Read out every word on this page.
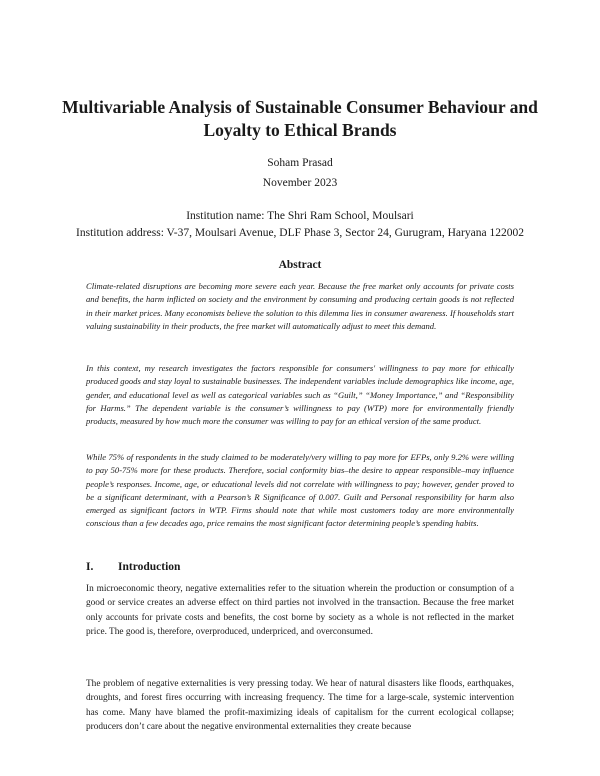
Multivariable Analysis of Sustainable Consumer Behaviour and Loyalty to Ethical Brands
Soham Prasad
November 2023
Institution name: The Shri Ram School, Moulsari
Institution address: V-37, Moulsari Avenue, DLF Phase 3, Sector 24, Gurugram, Haryana 122002
Abstract

Climate-related disruptions are becoming more severe each year. Because the free market only accounts for private costs and benefits, the harm inflicted on society and the environment by consuming and producing certain goods is not reflected in their market prices. Many economists believe the solution to this dilemma lies in consumer awareness. If households start valuing sustainability in their products, the free market will automatically adjust to meet this demand.

In this context, my research investigates the factors responsible for consumers' willingness to pay more for ethically produced goods and stay loyal to sustainable businesses. The independent variables include demographics like income, age, gender, and educational level as well as categorical variables such as “Guilt,” “Money Importance,” and “Responsibility for Harms.” The dependent variable is the consumer’s willingness to pay (WTP) more for environmentally friendly products, measured by how much more the consumer was willing to pay for an ethical version of the same product.

While 75% of respondents in the study claimed to be moderately/very willing to pay more for EFPs, only 9.2% were willing to pay 50-75% more for these products. Therefore, social conformity bias–the desire to appear responsible–may influence people’s responses. Income, age, or educational levels did not correlate with willingness to pay; however, gender proved to be a significant determinant, with a Pearson’s R Significance of 0.007. Guilt and Personal responsibility for harm also emerged as significant factors in WTP. Firms should note that while most customers today are more environmentally conscious than a few decades ago, price remains the most significant factor determining people’s spending habits.

I. Introduction

In microeconomic theory, negative externalities refer to the situation wherein the production or consumption of a good or service creates an adverse effect on third parties not involved in the transaction. Because the free market only accounts for private costs and benefits, the cost borne by society as a whole is not reflected in the market price. The good is, therefore, overproduced, underpriced, and overconsumed.

The problem of negative externalities is very pressing today. We hear of natural disasters like floods, earthquakes, droughts, and forest fires occurring with increasing frequency. The time for a large-scale, systemic intervention has come. Many have blamed the profit-maximizing ideals of capitalism for the current ecological collapse; producers don’t care about the negative environmental externalities they create because
